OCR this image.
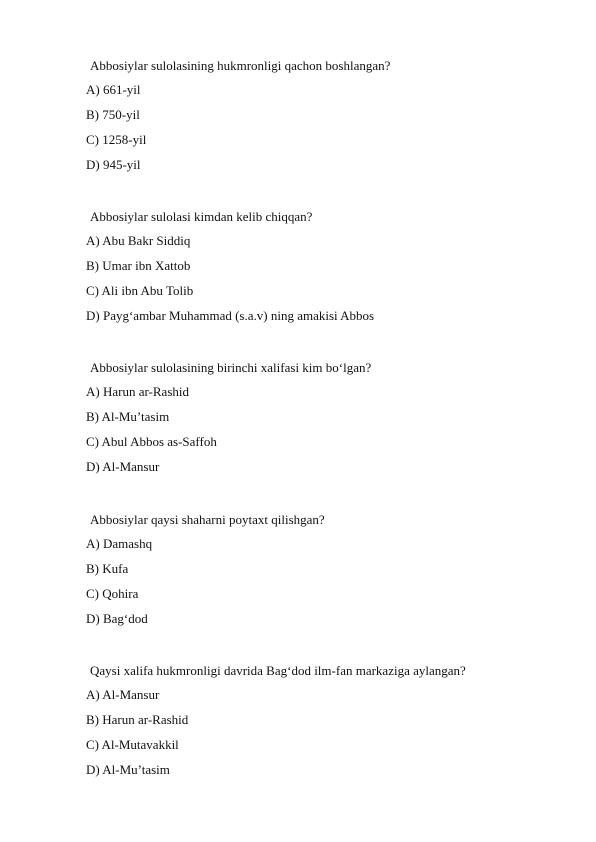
Abbosiylar sulolasining hukmronligi qachon boshlangan?
A) 661-yil
B) 750-yil
C) 1258-yil
D) 945-yil
Abbosiylar sulolasi kimdan kelib chiqqan?
A) Abu Bakr Siddiq
B) Umar ibn Xattob
C) Ali ibn Abu Tolib
D) Payg‘ambar Muhammad (s.a.v) ning amakisi Abbos
Abbosiylar sulolasining birinchi xalifasi kim bo‘lgan?
A) Harun ar-Rashid
B) Al-Mu’tasim
C) Abul Abbos as-Saffoh
D) Al-Mansur
Abbosiylar qaysi shaharni poytaxt qilishgan?
A) Damashq
B) Kufa
C) Qohira
D) Bag‘dod
Qaysi xalifa hukmronligi davrida Bag‘dod ilm-fan markaziga aylangan?
A) Al-Mansur
B) Harun ar-Rashid
C) Al-Mutavakkil
D) Al-Mu’tasim
